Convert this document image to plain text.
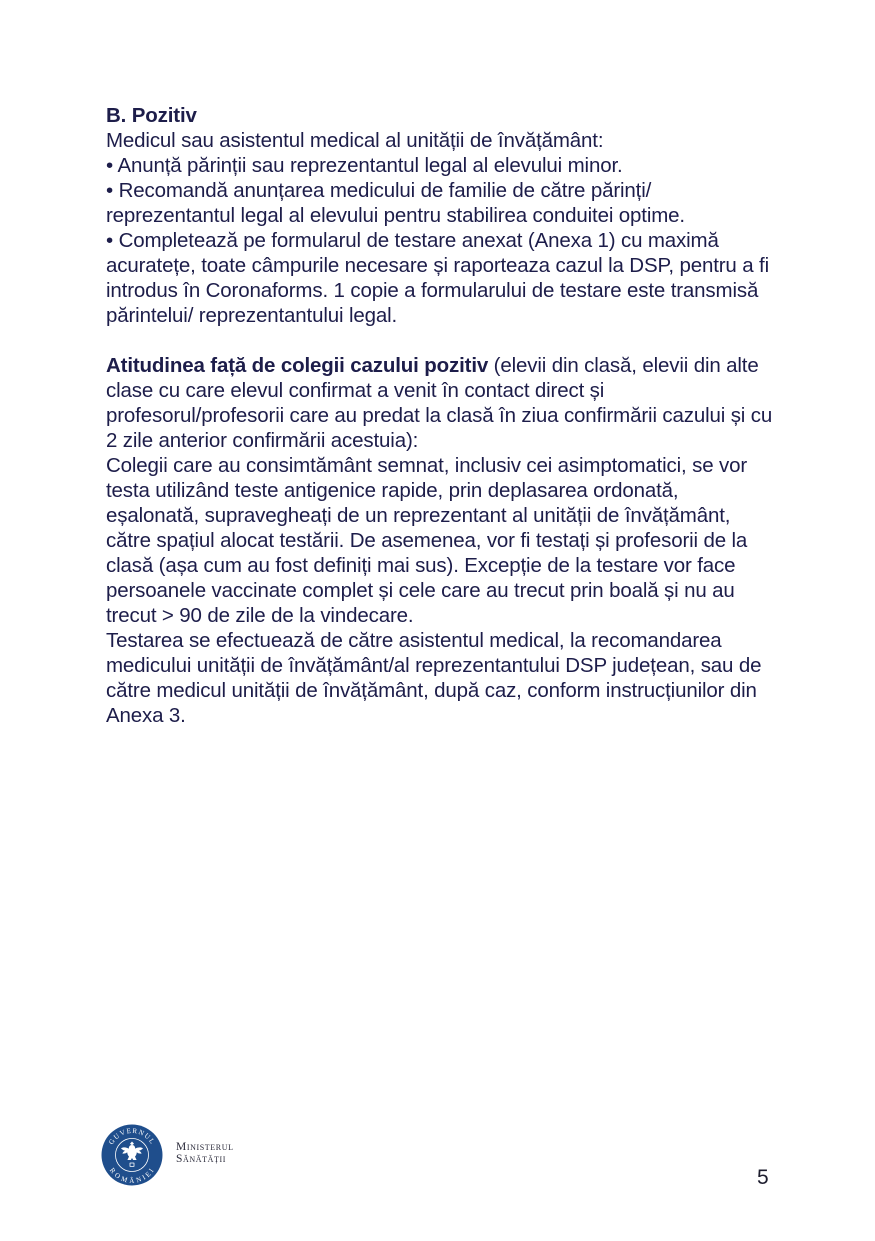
B. Pozitiv

Medicul sau asistentul medical al unității de învățământ:

• Anunță părinții sau reprezentantul legal al elevului minor.

• Recomandă anunțarea medicului de familie de către părinți/ reprezentantul legal al elevului pentru stabilirea conduitei optime.

• Completează pe formularul de testare anexat (Anexa 1) cu maximă acuratețe, toate câmpurile necesare și raporteaza cazul la DSP, pentru a fi introdus în Coronaforms. 1 copie a formularului de testare este transmisă părintelui/ reprezentantului legal.

Atitudinea față de colegii cazului pozitiv (elevii din clasă, elevii din alte clase cu care elevul confirmat a venit în contact direct și profesorul/profesorii care au predat la clasă în ziua confirmării cazului și cu 2 zile anterior confirmării acestuia):

Colegii care au consimtământ semnat, inclusiv cei asimptomatici, se vor testa utilizând teste antigenice rapide, prin deplasarea ordonată, eșalonată, supravegheați de un reprezentant al unității de învățământ, către spațiul alocat testării. De asemenea, vor fi testați și profesorii de la clasă (așa cum au fost definiți mai sus). Excepție de la testare vor face persoanele vaccinate complet și cele care au trecut prin boală și nu au trecut > 90 de zile de la vindecare.

Testarea se efectuează de către asistentul medical, la recomandarea medicului unității de învățământ/al reprezentantului DSP județean, sau de către medicul unității de învățământ, după caz, conform instrucțiunilor din Anexa 3.

GUVERNUL
ROMÂNIEI
Ministerul
Sănătății
5
